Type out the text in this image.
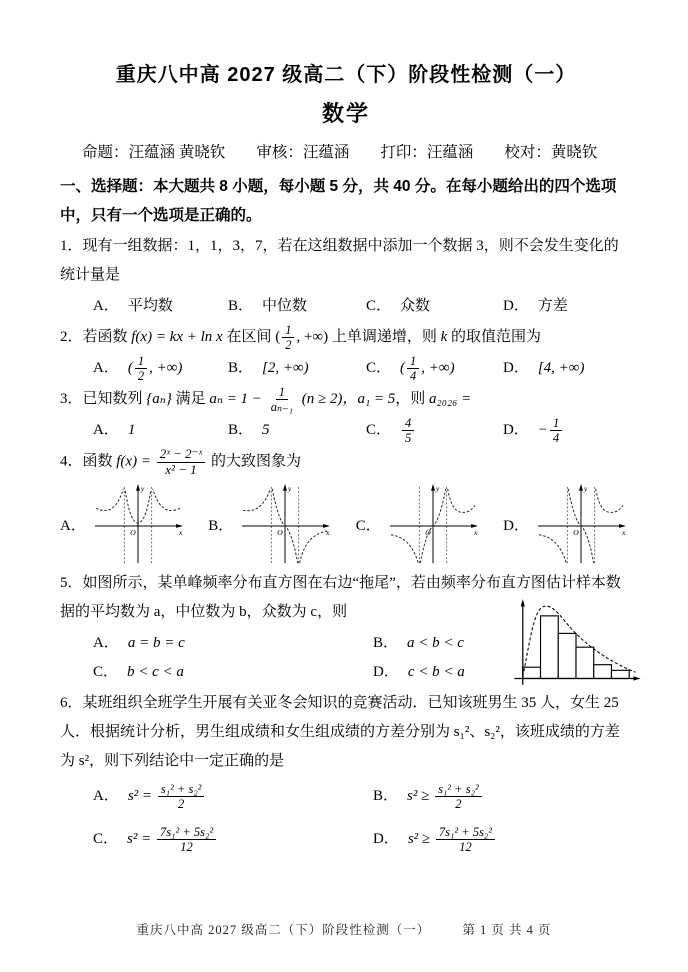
重庆八中高 2027 级高二（下）阶段性检测（一）
数学

命题：汪蕴涵 黄晓钦　　审核：汪蕴涵　　打印：汪蕴涵　　校对：黄晓钦

一、选择题：本大题共 8 小题，每小题 5 分，共 40 分。在每小题给出的四个选项中，只有一个选项是正确的。

1．现有一组数据：1，1，3，7，若在这组数据中添加一个数据 3，则不会发生变化的统计量是

A． 平均数	B． 中位数	C． 众数	D． 方差

2．若函数 f(x) = kx + ln x 在区间 ( $\frac{1}{2}$ , +∞) 上单调递增，则 k 的取值范围为

A． ( $\frac{1}{2}$ , +∞)	B． [2, +∞)	C． ( $\frac{1}{4}$ , +∞)	D． [4, +∞)

3．已知数列 {aₙ} 满足 $a_n = 1 - \frac{1}{\text{aₙ₋₁}} (n \ge 2)$，a₁ = 5，则 a₂₀₂₆ =

A． 1	B． 5	C． $\frac{4}{5}$	D． − $\frac{1}{4}$

4．函数 $f(x) = \frac{\text{2ˣ − 2⁻ˣ}}{\text{x² − 1}}$ 的大致图象为

A．	O	x
y
B．	O	x
y
C．	O	x
y
D．	O	x
y

5．如图所示，某单峰频率分布直方图在右边“拖尾”，若由频率分布直方图估计样本数据的平均数为 a，中位数为 b，众数为 c，则

A． a = b = c	B． a < b < c
C． b < c < a	D． c < b < a

6．某班组织全班学生开展有关亚冬会知识的竞赛活动．已知该班男生 35 人，女生 25 人．根据统计分析，男生组成绩和女生组成绩的方差分别为 s₁²、s₂²，该班成绩的方差为 s²，则下列结论中一定正确的是

A． $s^2 = \frac{\text{s₁² + s₂²}}{2}$	B． $s^2 \ge \frac{\text{s₁² + s₂²}}{2}$
C． $s^2 = \frac{\text{7s₁² + 5s₂²}}{12}$	D． $s^2 \ge \frac{\text{7s₁² + 5s₂²}}{12}$
重庆八中高 2027 级高二（下）阶段性检测（一）	第 1 页 共 4 页
